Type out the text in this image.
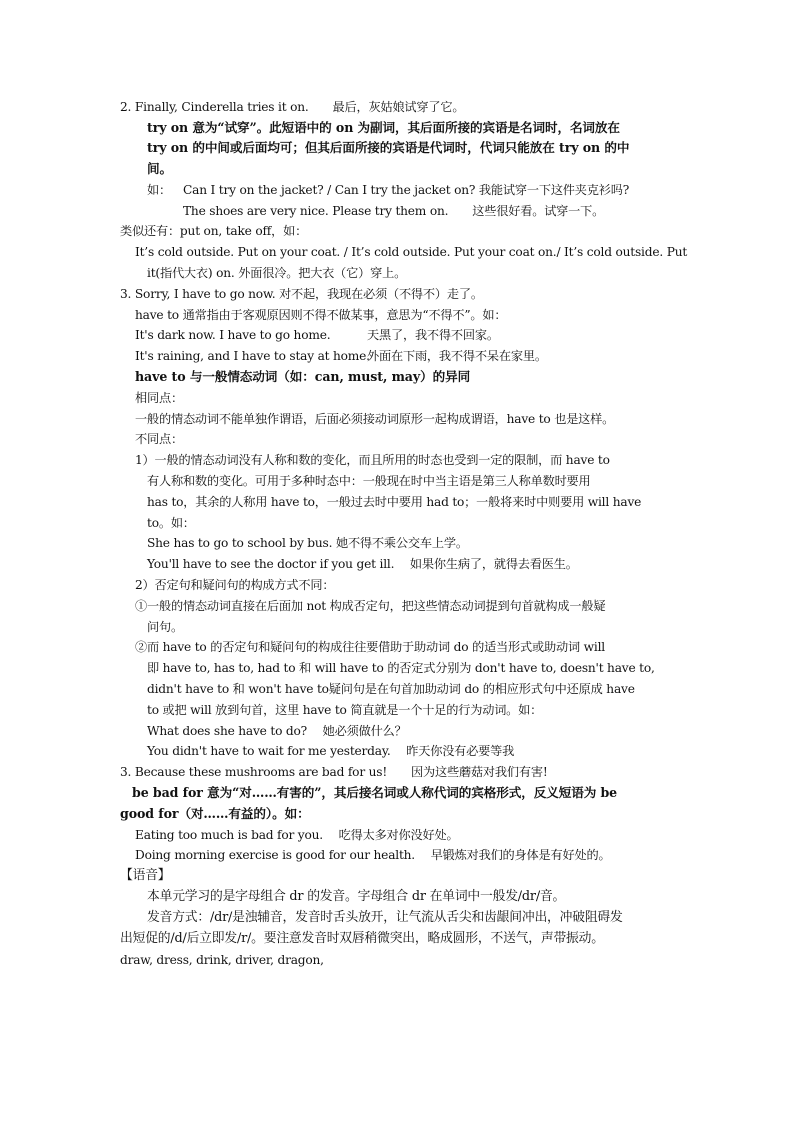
2. Finally, Cinderella tries it on.　　最后，灰姑娘试穿了它。
try on 意为“试穿”。此短语中的 on 为副词，其后面所接的宾语是名词时，名词放在
try on 的中间或后面均可；但其后面所接的宾语是代词时，代词只能放在 try on 的中
间。
如： Can I try on the jacket? / Can I try the jacket on? 我能试穿一下这件夹克衫吗?
The shoes are very nice. Please try them on.　　这些很好看。试穿一下。
类似还有：put on, take off，如：
It’s cold outside. Put on your coat. / It’s cold outside. Put your coat on./ It’s cold outside. Put
it(指代大衣) on. 外面很冷。把大衣（它）穿上。
3. Sorry, I have to go now. 对不起，我现在必须（不得不）走了。
have to 通常指由于客观原因则不得不做某事，意思为“不得不”。如：
It's dark now. I have to go home.	天黑了，我不得不回家。
It's raining, and I have to stay at home.
外面在下雨，我不得不呆在家里。
have to 与一般情态动词（如：can, must, may）的异同
相同点：
一般的情态动词不能单独作谓语，后面必须接动词原形一起构成谓语，have to 也是这样。
不同点：
1）一般的情态动词没有人称和数的变化，而且所用的时态也受到一定的限制，而 have to
有人称和数的变化。可用于多种时态中：一般现在时中当主语是第三人称单数时要用
has to，其余的人称用 have to，一般过去时中要用 had to；一般将来时中则要用 will have
to。如：
She has to go to school by bus. 她不得不乘公交车上学。
You'll have to see the doctor if you get ill.　 如果你生病了，就得去看医生。
2）否定句和疑问句的构成方式不同：
①一般的情态动词直接在后面加 not 构成否定句，把这些情态动词提到句首就构成一般疑
问句。
②而 have to 的否定句和疑问句的构成往往要借助于助动词 do 的适当形式或助动词 will
即 have to, has to, had to 和 will have to 的否定式分别为 don't have to, doesn't have to,
didn't have to 和 won't have to疑问句是在句首加助动词 do 的相应形式句中还原成 have
to 或把 will 放到句首，这里 have to 简直就是一个十足的行为动词。如：
What does she have to do?　 她必须做什么？
You didn't have to wait for me yesterday.　 昨天你没有必要等我
3. Because these mushrooms are bad for us!　　因为这些蘑菇对我们有害!
be bad for 意为“对……有害的”，其后接名词或人称代词的宾格形式，反义短语为 be
good for（对……有益的）。如：
Eating too much is bad for you.　 吃得太多对你没好处。
Doing morning exercise is good for our health.　 早锻炼对我们的身体是有好处的。
【语音】
本单元学习的是字母组合 dr 的发音。字母组合 dr 在单词中一般发/dr/音。
发音方式：/dr/是浊辅音，发音时舌头放开，让气流从舌尖和齿龈间冲出，冲破阻碍发
出短促的/d/后立即发/r/。要注意发音时双唇稍微突出，略成圆形，不送气，声带振动。
draw, dress, drink, driver, dragon,
